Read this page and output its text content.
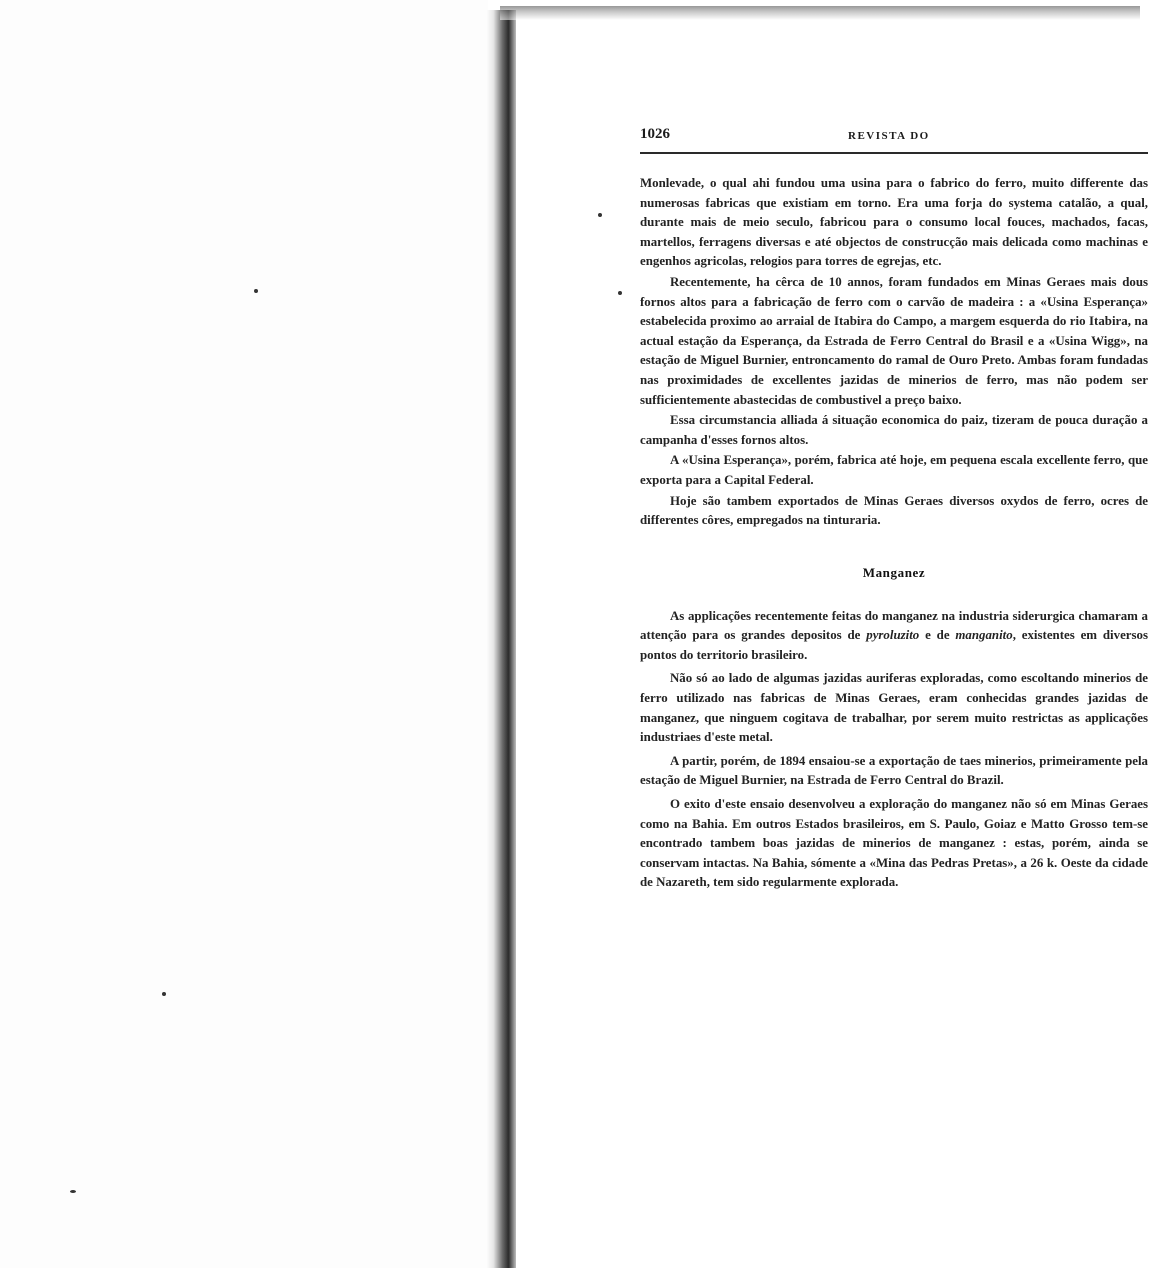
1026	REVISTA DO

Monlevade, o qual ahi fundou uma usina para o fabrico do ferro, muito differente das numerosas fabricas que existiam em torno. Era uma forja do systema catalão, a qual, durante mais de meio seculo, fabricou para o consumo local fouces, machados, facas, martellos, ferragens diversas e até objectos de construcção mais delicada como machinas e engenhos agricolas, relogios para torres de egrejas, etc.

Recentemente, ha cêrca de 10 annos, foram fundados em Minas Geraes mais dous fornos altos para a fabricação de ferro com o carvão de madeira : a «Usina Esperança» estabelecida proximo ao arraial de Itabira do Campo, a margem esquerda do rio Itabira, na actual estação da Esperança, da Estrada de Ferro Central do Brasil e a «Usina Wigg», na estação de Miguel Burnier, entroncamento do ramal de Ouro Preto. Ambas foram fundadas nas proximidades de excellentes jazidas de minerios de ferro, mas não podem ser sufficientemente abastecidas de combustivel a preço baixo.

Essa circumstancia alliada á situação economica do paiz, tizeram de pouca duração a campanha d'esses fornos altos.

A «Usina Esperança», porém, fabrica até hoje, em pequena escala excellente ferro, que exporta para a Capital Federal.

Hoje são tambem exportados de Minas Geraes diversos oxydos de ferro, ocres de differentes côres, empregados na tinturaria.

Manganez

As applicações recentemente feitas do manganez na industria siderurgica chamaram a attenção para os grandes depositos de pyroluzito e de manganito, existentes em diversos pontos do territorio brasileiro.

Não só ao lado de algumas jazidas auriferas exploradas, como escoltando minerios de ferro utilizado nas fabricas de Minas Geraes, eram conhecidas grandes jazidas de manganez, que ninguem cogitava de trabalhar, por serem muito restrictas as applicações industriaes d'este metal.

A partir, porém, de 1894 ensaiou-se a exportação de taes minerios, primeiramente pela estação de Miguel Burnier, na Estrada de Ferro Central do Brazil.

O exito d'este ensaio desenvolveu a exploração do manganez não só em Minas Geraes como na Bahia. Em outros Estados brasileiros, em S. Paulo, Goiaz e Matto Grosso tem-se encontrado tambem boas jazidas de minerios de manganez : estas, porém, ainda se conservam intactas. Na Bahia, sómente a «Mina das Pedras Pretas», a 26 k. Oeste da cidade de Nazareth, tem sido regularmente explorada.
